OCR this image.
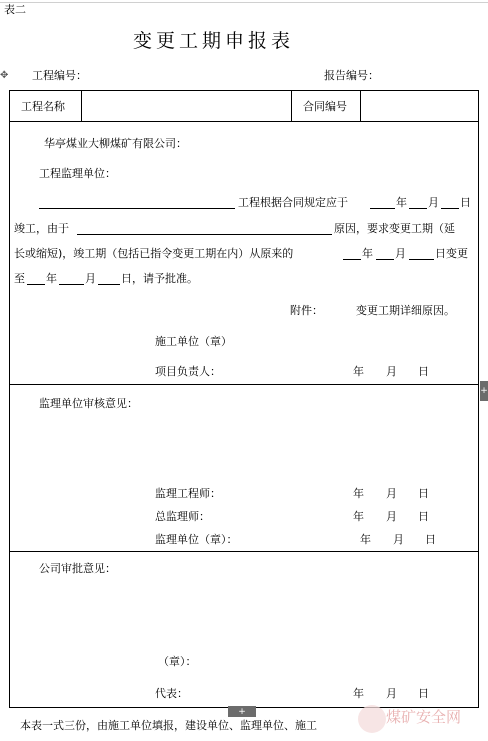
表二
变更工期申报表
✥ 工程编号：	报告编号：
工程名称	合同编号
华亭煤业大柳煤矿有限公司：
工程监理单位：
工程根据合同规定应于	年 月 日
竣工，由于	原因，要求变更工期（延
长或缩短)，竣工期（包括已指令变更工期在内）从原来的	年 月	日变更
至 年	月 日，请予批准。
附件：	变更工期详细原因。
施工单位（章）
项目负责人：	年 月 日
监理单位审核意见：
监理工程师：	年 月 日
总监理师：	年 月 日
监理单位（章）：	年 月 日
公司审批意见：
（章）：
代表：	年 月 日
本表一式三份，由施工单位填报，建设单位、监理单位、施工
+
+
煤矿安全网
